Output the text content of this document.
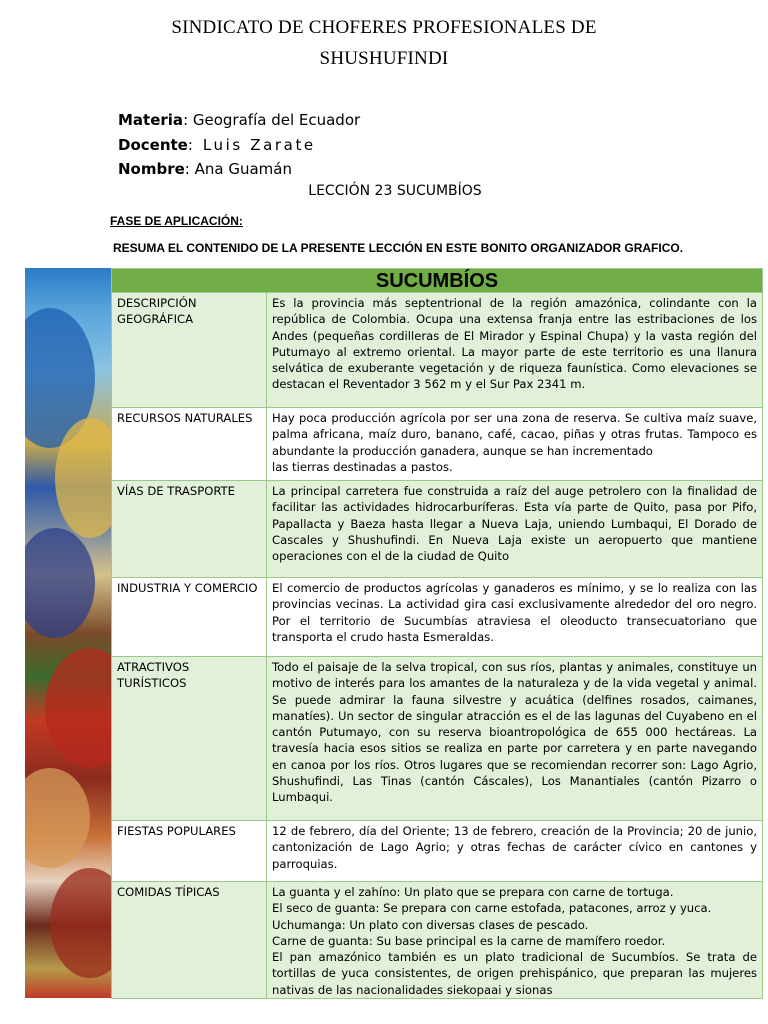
SINDICATO DE CHOFERES PROFESIONALES DE
SHUSHUFINDI
Materia: Geografía del Ecuador
Docente: Luis Zarate
Nombre: Ana Guamán
LECCIÓN 23 SUCUMBÍOS
FASE DE APLICACIÓN:
RESUMA EL CONTENIDO DE LA PRESENTE LECCIÓN EN ESTE BONITO ORGANIZADOR GRAFICO.
SUCUMBÍOS	
DESCRIPCIÓN
GEOGRÁFICA	Es la provincia más septentrional de la región amazónica, colindante con la república de Colombia. Ocupa una extensa franja entre las estribaciones de los Andes (pequeñas cordilleras de El Mirador y Espinal Chupa) y la vasta región del Putumayo al extremo oriental. La mayor parte de este territorio es una llanura selvática de exuberante vegetación y de riqueza faunística. Como elevaciones se destacan el Reventador 3 562 m y el Sur Pax 2341 m.
RECURSOS NATURALES	Hay poca producción agrícola por ser una zona de reserva. Se cultiva maíz suave, palma africana, maíz duro, banano, café, cacao, piñas y otras frutas. Tampoco es abundante la producción ganadera, aunque se han incrementado
las tierras destinadas a pastos.
VÍAS DE TRASPORTE	La principal carretera fue construida a raíz del auge petrolero con la finalidad de facilitar las actividades hidrocarburíferas. Esta vía parte de Quito, pasa por Pifo, Papallacta y Baeza hasta llegar a Nueva Laja, uniendo Lumbaqui, El Dorado de Cascales y Shushufindi. En Nueva Laja existe un aeropuerto que mantiene operaciones con el de la ciudad de Quito
INDUSTRIA Y COMERCIO	El comercio de productos agrícolas y ganaderos es mínimo, y se lo realiza con las provincias vecinas. La actividad gira casi exclusivamente alrededor del oro negro. Por el territorio de Sucumbías atraviesa el oleoducto transecuatoriano que transporta el crudo hasta Esmeraldas.
ATRACTIVOS
TURÍSTICOS	Todo el paisaje de la selva tropical, con sus ríos, plantas y animales, constituye un motivo de interés para los amantes de la naturaleza y de la vida vegetal y animal. Se puede admirar la fauna silvestre y acuática (delfines rosados, caimanes, manatíes). Un sector de singular atracción es el de las lagunas del Cuyabeno en el cantón Putumayo, con su reserva bioantropológica de 655 000 hectáreas. La travesía hacia esos sitios se realiza en parte por carretera y en parte navegando en canoa por los ríos. Otros lugares que se recomiendan recorrer son: Lago Agrio, Shushufindi, Las Tinas (cantón Cáscales), Los Manantiales (cantón Pizarro o Lumbaqui.
FIESTAS POPULARES	12 de febrero, día del Oriente; 13 de febrero, creación de la Provincia; 20 de junio, cantonización de Lago Agrio; y otras fechas de carácter cívico en cantones y parroquias.
COMIDAS TÍPICAS	La guanta y el zahíno: Un plato que se prepara con carne de tortuga.
El seco de guanta: Se prepara con carne estofada, patacones, arroz y yuca.
Uchumanga: Un plato con diversas clases de pescado.
Carne de guanta: Su base principal es la carne de mamífero roedor.
El pan amazónico también es un plato tradicional de Sucumbíos. Se trata de tortillas de yuca consistentes, de origen prehispánico, que preparan las mujeres nativas de las nacionalidades siekopaai y sionas
